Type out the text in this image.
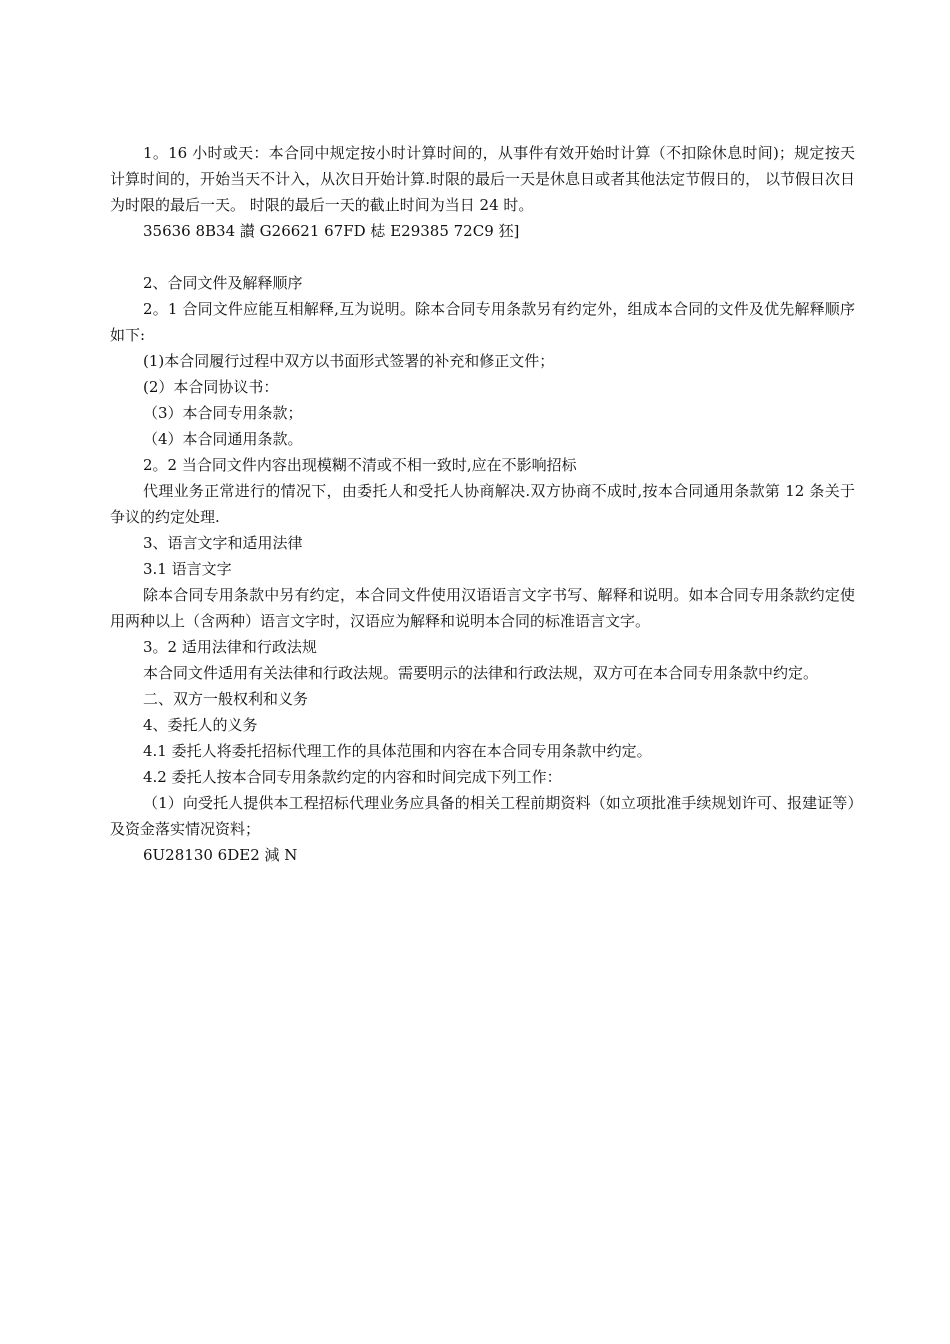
1。16 小时或天：本合同中规定按小时计算时间的，从事件有效开始时计算（不扣除休息时间)；规定按天计算时间的，开始当天不计入，从次日开始计算.时限的最后一天是休息日或者其他法定节假日的， 以节假日次日为时限的最后一天。 时限的最后一天的截止时间为当日 24 时。

35636 8B34 讃 G26621 67FD 梽 E29385 72C9 狉]

2、合同文件及解释顺序

2。1 合同文件应能互相解释,互为说明。除本合同专用条款另有约定外，组成本合同的文件及优先解释顺序如下:

(1)本合同履行过程中双方以书面形式签署的补充和修正文件；

(2）本合同协议书：

（3）本合同专用条款；

（4）本合同通用条款。

2。2 当合同文件内容出现模糊不清或不相一致时,应在不影响招标

代理业务正常进行的情况下，由委托人和受托人协商解决.双方协商不成时,按本合同通用条款第 12 条关于争议的约定处理.

3、语言文字和适用法律

3.1 语言文字

除本合同专用条款中另有约定，本合同文件使用汉语语言文字书写、解释和说明。如本合同专用条款约定使用两种以上（含两种）语言文字时，汉语应为解释和说明本合同的标准语言文字。

3。2 适用法律和行政法规

本合同文件适用有关法律和行政法规。需要明示的法律和行政法规，双方可在本合同专用条款中约定。

二、双方一般权利和义务

4、委托人的义务

4.1 委托人将委托招标代理工作的具体范围和内容在本合同专用条款中约定。

4.2 委托人按本合同专用条款约定的内容和时间完成下列工作：

（1）向受托人提供本工程招标代理业务应具备的相关工程前期资料（如立项批准手续规划许可、报建证等）及资金落实情况资料；

6U28130 6DE2 減 N
